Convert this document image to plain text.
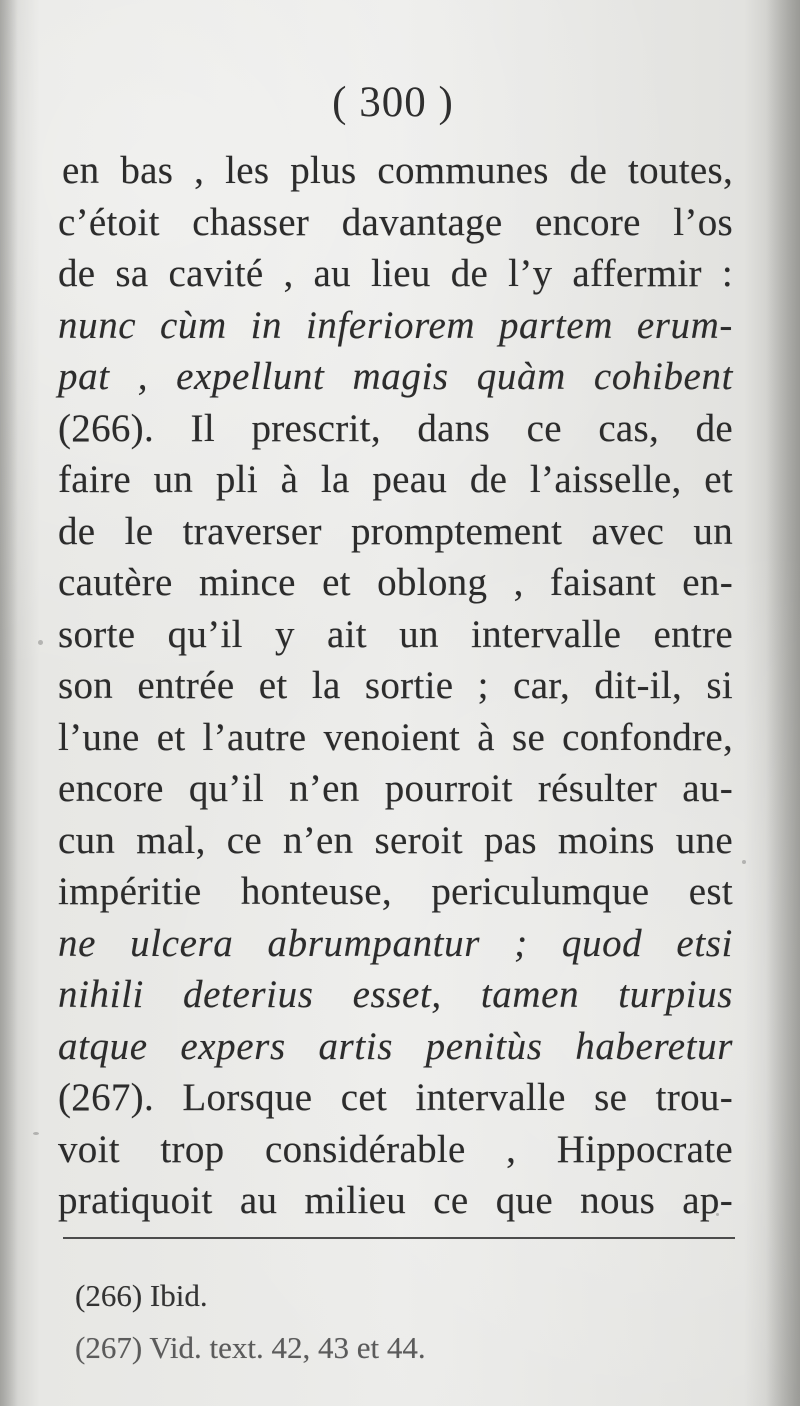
( 300 )
en bas , les plus communes de toutes,
c’étoit chasser davantage encore l’os
de sa cavité , au lieu de l’y affermir :
nunc cùm in inferiorem partem erum-
pat , expellunt magis quàm cohibent
(266). Il prescrit, dans ce cas, de
faire un pli à la peau de l’aisselle, et
de le traverser promptement avec un
cautère mince et oblong , faisant en-
sorte qu’il y ait un intervalle entre
son entrée et la sortie ; car, dit-il, si
l’une et l’autre venoient à se confondre,
encore qu’il n’en pourroit résulter au-
cun mal, ce n’en seroit pas moins une
impéritie honteuse, periculumque est
ne ulcera abrumpantur ; quod etsi
nihili deterius esset, tamen turpius
atque expers artis penitùs haberetur
(267). Lorsque cet intervalle se trou-
voit trop considérable , Hippocrate
pratiquoit au milieu ce que nous ap-
(266) Ibid.
(267) Vid. text. 42, 43 et 44.
